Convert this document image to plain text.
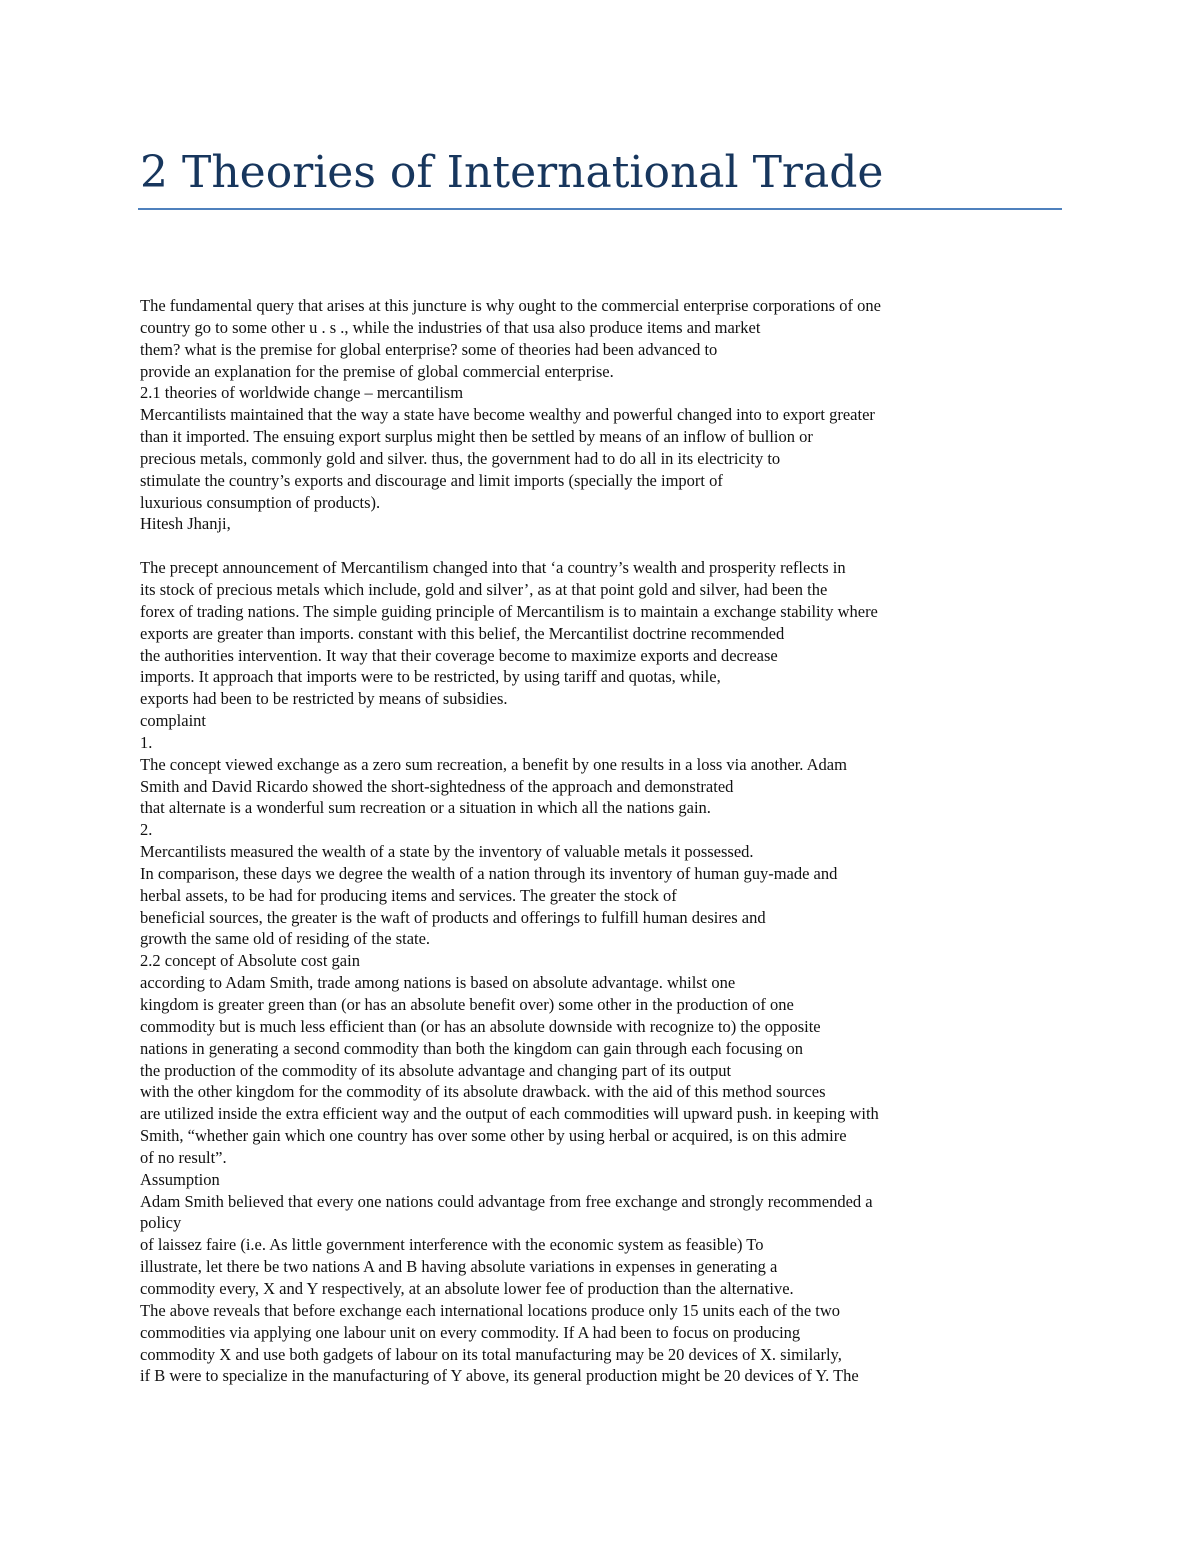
2 Theories of International Trade
The fundamental query that arises at this juncture is why ought to the commercial enterprise corporations of one
country go to some other u . s ., while the industries of that usa also produce items and market
them? what is the premise for global enterprise? some of theories had been advanced to
provide an explanation for the premise of global commercial enterprise.
2.1 theories of worldwide change – mercantilism
Mercantilists maintained that the way a state have become wealthy and powerful changed into to export greater
than it imported. The ensuing export surplus might then be settled by means of an inflow of bullion or
precious metals, commonly gold and silver. thus, the government had to do all in its electricity to
stimulate the country’s exports and discourage and limit imports (specially the import of
luxurious consumption of products).
Hitesh Jhanji,
The precept announcement of Mercantilism changed into that ‘a country’s wealth and prosperity reflects in
its stock of precious metals which include, gold and silver’, as at that point gold and silver, had been the
forex of trading nations. The simple guiding principle of Mercantilism is to maintain a exchange stability where
exports are greater than imports. constant with this belief, the Mercantilist doctrine recommended
the authorities intervention. It way that their coverage become to maximize exports and decrease
imports. It approach that imports were to be restricted, by using tariff and quotas, while,
exports had been to be restricted by means of subsidies.
complaint
1.
The concept viewed exchange as a zero sum recreation, a benefit by one results in a loss via another. Adam
Smith and David Ricardo showed the short-sightedness of the approach and demonstrated
that alternate is a wonderful sum recreation or a situation in which all the nations gain.
2.
Mercantilists measured the wealth of a state by the inventory of valuable metals it possessed.
In comparison, these days we degree the wealth of a nation through its inventory of human guy-made and
herbal assets, to be had for producing items and services. The greater the stock of
beneficial sources, the greater is the waft of products and offerings to fulfill human desires and
growth the same old of residing of the state.
2.2 concept of Absolute cost gain
according to Adam Smith, trade among nations is based on absolute advantage. whilst one
kingdom is greater green than (or has an absolute benefit over) some other in the production of one
commodity but is much less efficient than (or has an absolute downside with recognize to) the opposite
nations in generating a second commodity than both the kingdom can gain through each focusing on
the production of the commodity of its absolute advantage and changing part of its output
with the other kingdom for the commodity of its absolute drawback. with the aid of this method sources
are utilized inside the extra efficient way and the output of each commodities will upward push. in keeping with
Smith, “whether gain which one country has over some other by using herbal or acquired, is on this admire
of no result”.
Assumption
Adam Smith believed that every one nations could advantage from free exchange and strongly recommended a
policy
of laissez faire (i.e. As little government interference with the economic system as feasible) To
illustrate, let there be two nations A and B having absolute variations in expenses in generating a
commodity every, X and Y respectively, at an absolute lower fee of production than the alternative.
The above reveals that before exchange each international locations produce only 15 units each of the two
commodities via applying one labour unit on every commodity. If A had been to focus on producing
commodity X and use both gadgets of labour on its total manufacturing may be 20 devices of X. similarly,
if B were to specialize in the manufacturing of Y above, its general production might be 20 devices of Y. The
